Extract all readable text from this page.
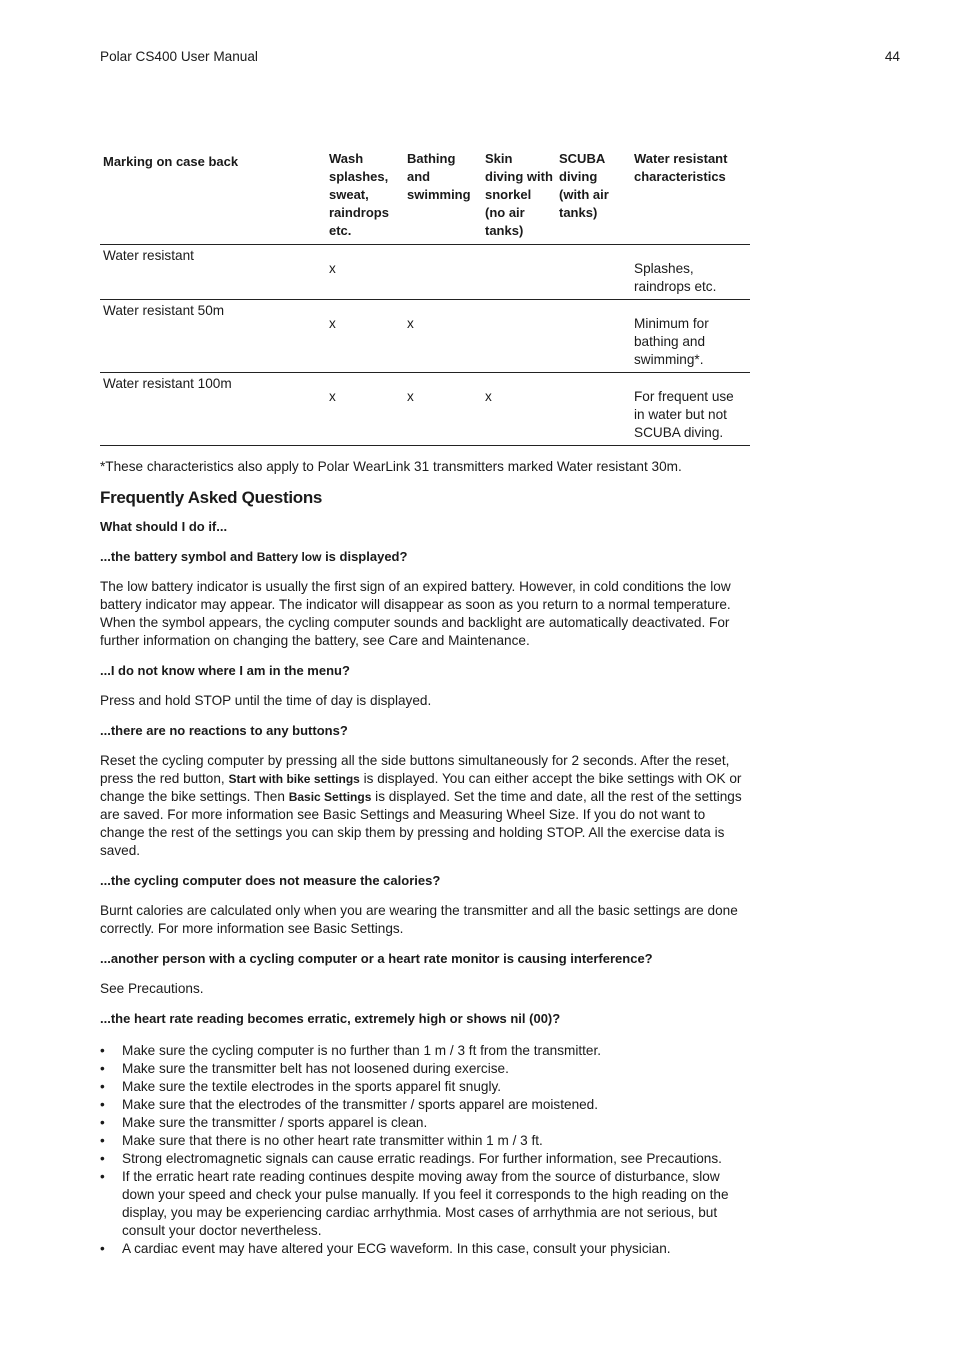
Polar CS400 User Manual	44
Marking on case back	Wash splashes, sweat, raindrops etc.	Bathing and swimming	Skin diving with snorkel (no air tanks)	SCUBA diving (with air tanks)	Water resistant characteristics
Water resistant	x				Splashes, raindrops etc.
Water resistant 50m	x	x			Minimum for bathing and swimming*.
Water resistant 100m	x	x	x		For frequent use in water but not SCUBA diving.

*These characteristics also apply to Polar WearLink 31 transmitters marked Water resistant 30m.

Frequently Asked Questions

What should I do if...

...the battery symbol and Battery low is displayed?

The low battery indicator is usually the first sign of an expired battery. However, in cold conditions the low battery indicator may appear. The indicator will disappear as soon as you return to a normal temperature. When the symbol appears, the cycling computer sounds and backlight are automatically deactivated. For further information on changing the battery, see Care and Maintenance.

...I do not know where I am in the menu?

Press and hold STOP until the time of day is displayed.

...there are no reactions to any buttons?

Reset the cycling computer by pressing all the side buttons simultaneously for 2 seconds. After the reset, press the red button, Start with bike settings is displayed. You can either accept the bike settings with OK or change the bike settings. Then Basic Settings is displayed. Set the time and date, all the rest of the settings are saved. For more information see Basic Settings and Measuring Wheel Size. If you do not want to change the rest of the settings you can skip them by pressing and holding STOP. All the exercise data is saved.

...the cycling computer does not measure the calories?

Burnt calories are calculated only when you are wearing the transmitter and all the basic settings are done correctly. For more information see Basic Settings.

...another person with a cycling computer or a heart rate monitor is causing interference?

See Precautions.

...the heart rate reading becomes erratic, extremely high or shows nil (00)?

• Make sure the cycling computer is no further than 1 m / 3 ft from the transmitter.
• Make sure the transmitter belt has not loosened during exercise.
• Make sure the textile electrodes in the sports apparel fit snugly.
• Make sure that the electrodes of the transmitter / sports apparel are moistened.
• Make sure the transmitter / sports apparel is clean.
• Make sure that there is no other heart rate transmitter within 1 m / 3 ft.
• Strong electromagnetic signals can cause erratic readings. For further information, see Precautions.
• If the erratic heart rate reading continues despite moving away from the source of disturbance, slow down your speed and check your pulse manually. If you feel it corresponds to the high reading on the display, you may be experiencing cardiac arrhythmia. Most cases of arrhythmia are not serious, but consult your doctor nevertheless.
• A cardiac event may have altered your ECG waveform. In this case, consult your physician.
